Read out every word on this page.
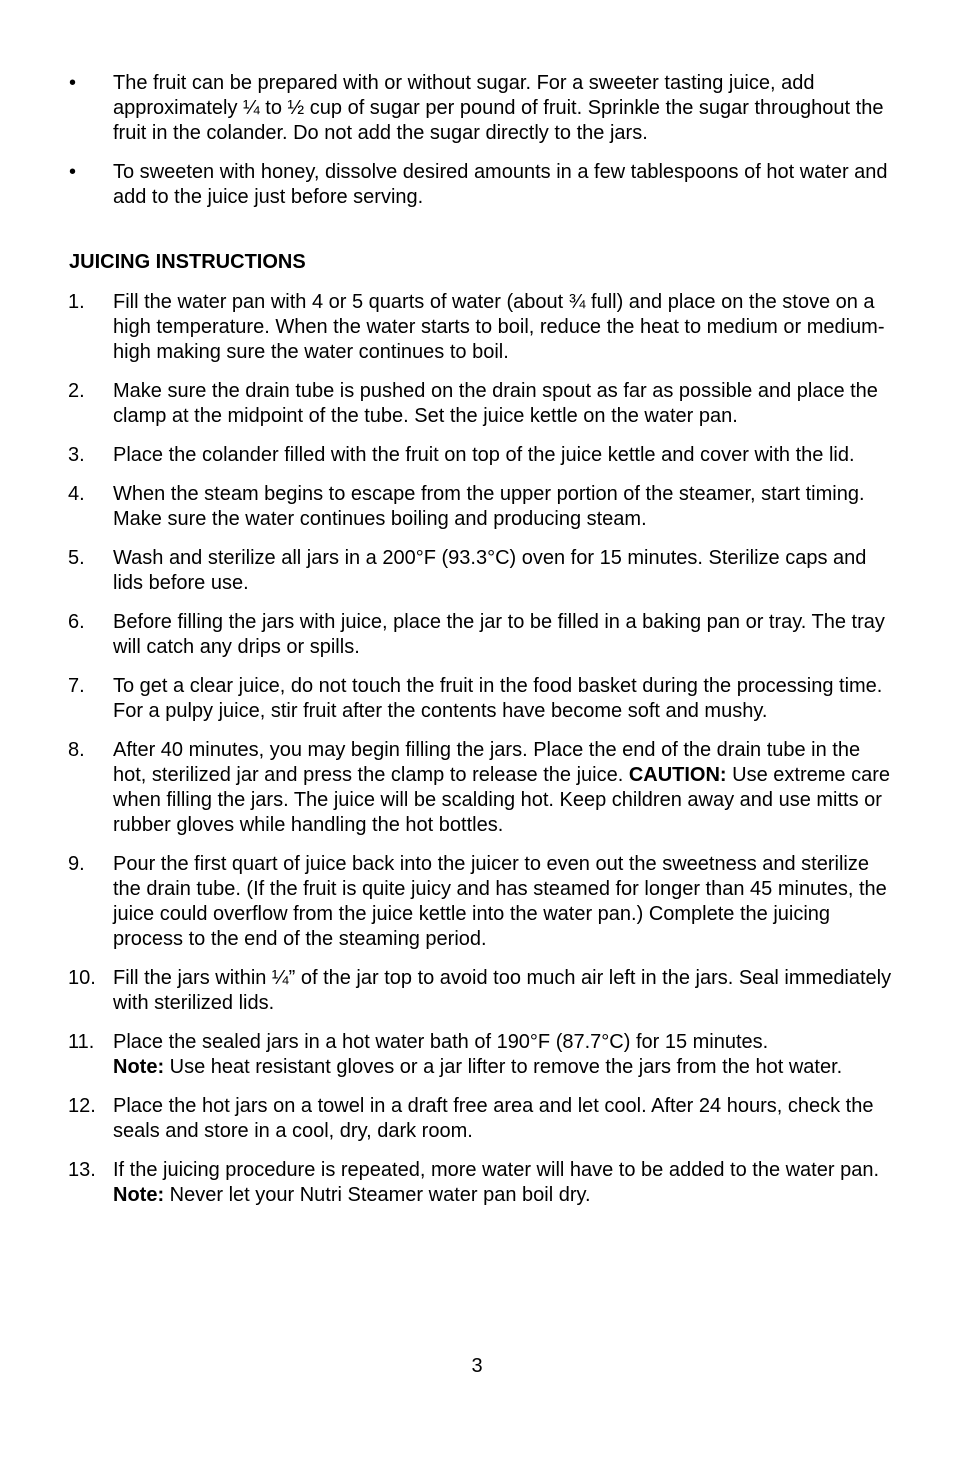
• The fruit can be prepared with or without sugar. For a sweeter tasting juice, add approximately ¼ to ½ cup of sugar per pound of fruit. Sprinkle the sugar throughout the fruit in the colander. Do not add the sugar directly to the jars.
• To sweeten with honey, dissolve desired amounts in a few tablespoons of hot water and add to the juice just before serving.
JUICING INSTRUCTIONS
1. Fill the water pan with 4 or 5 quarts of water (about ¾ full) and place on the stove on a high temperature. When the water starts to boil, reduce the heat to medium or medium-high making sure the water continues to boil.
2. Make sure the drain tube is pushed on the drain spout as far as possible and place the clamp at the midpoint of the tube. Set the juice kettle on the water pan.
3. Place the colander filled with the fruit on top of the juice kettle and cover with the lid.
4. When the steam begins to escape from the upper portion of the steamer, start timing. Make sure the water continues boiling and producing steam.
5. Wash and sterilize all jars in a 200°F (93.3°C) oven for 15 minutes. Sterilize caps and lids before use.
6. Before filling the jars with juice, place the jar to be filled in a baking pan or tray. The tray will catch any drips or spills.
7. To get a clear juice, do not touch the fruit in the food basket during the processing time. For a pulpy juice, stir fruit after the contents have become soft and mushy.
8. After 40 minutes, you may begin filling the jars. Place the end of the drain tube in the hot, sterilized jar and press the clamp to release the juice. CAUTION: Use extreme care when filling the jars. The juice will be scalding hot. Keep children away and use mitts or rubber gloves while handling the hot bottles.
9. Pour the first quart of juice back into the juicer to even out the sweetness and sterilize the drain tube. (If the fruit is quite juicy and has steamed for longer than 45 minutes, the juice could overflow from the juice kettle into the water pan.) Complete the juicing process to the end of the steaming period.
10. Fill the jars within ¼” of the jar top to avoid too much air left in the jars. Seal immediately with sterilized lids.
11. Place the sealed jars in a hot water bath of 190°F (87.7°C) for 15 minutes.
Note: Use heat resistant gloves or a jar lifter to remove the jars from the hot water.
12. Place the hot jars on a towel in a draft free area and let cool. After 24 hours, check the seals and store in a cool, dry, dark room.
13. If the juicing procedure is repeated, more water will have to be added to the water pan. Note: Never let your Nutri Steamer water pan boil dry.
3
